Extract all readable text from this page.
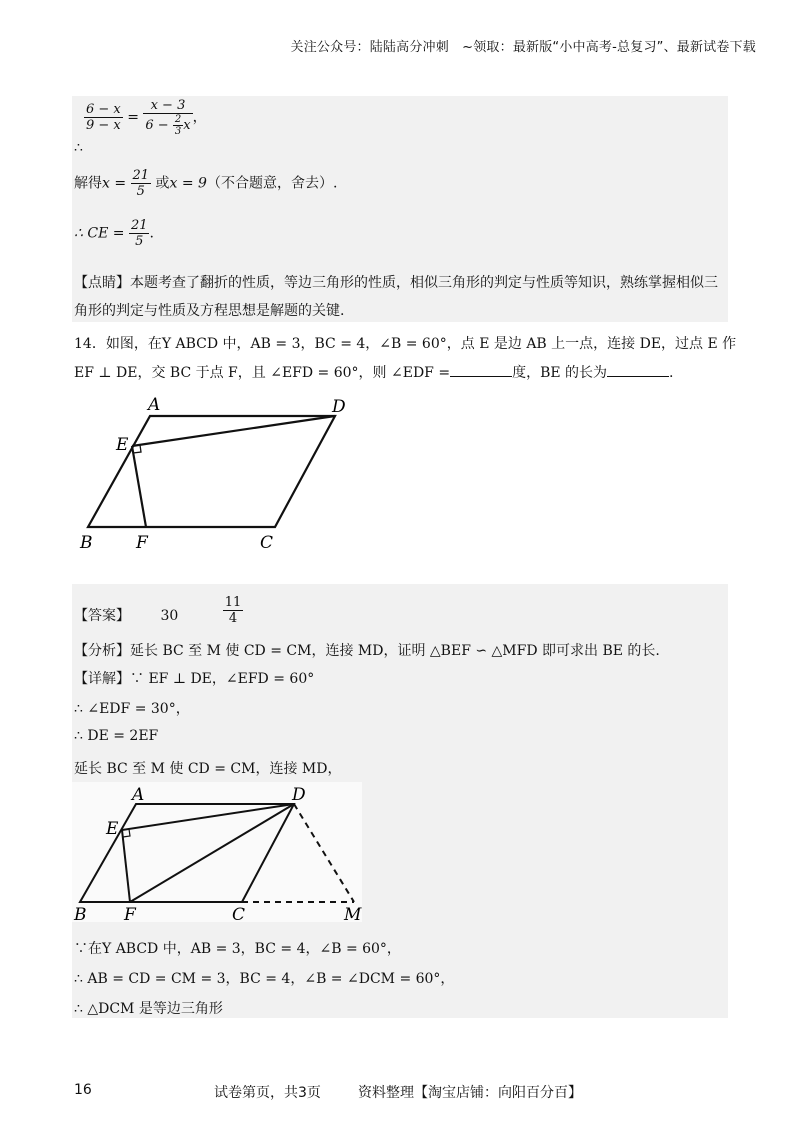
关注公众号：陆陆高分冲刺　~领取：最新版“小中高考-总复习”、最新试卷下载
$\frac{6 - x}{9 - x} = \frac{x - 3}{6 - \frac{2}{3} x}$ ，
∴
解得$x = \frac{21}{5}$ 或x = 9（不合题意，舍去）.
∴ CE = $\frac{21}{5}$ .
【点睛】本题考查了翻折的性质，等边三角形的性质，相似三角形的判定与性质等知识，熟练掌握相似三
角形的判定与性质及方程思想是解题的关键.
14．如图，在Y ABCD 中，AB = 3，BC = 4，∠B = 60°，点 E 是边 AB 上一点，连接 DE，过点 E 作
EF ⊥ DE，交 BC 于点 F，且 ∠EFD = 60°，则 ∠EDF =	度，BE 的长为	.
A	D
E
B	F	C
【答案】 30	$\frac{11}{4}$
【分析】延长 BC 至 M 使 CD = CM，连接 MD，证明 △BEF ∽ △MFD 即可求出 BE 的长.
【详解】∵ EF ⊥ DE，∠EFD = 60°
∴ ∠EDF = 30°，
∴ DE = 2EF
延长 BC 至 M 使 CD = CM，连接 MD，
A	D
E
B F	C	M
∵在Y ABCD 中，AB = 3，BC = 4，∠B = 60°，
∴ AB = CD = CM = 3，BC = 4，∠B = ∠DCM = 60°，
∴ △DCM 是等边三角形
16	试卷第页，共3页	资料整理【淘宝店铺：向阳百分百】
